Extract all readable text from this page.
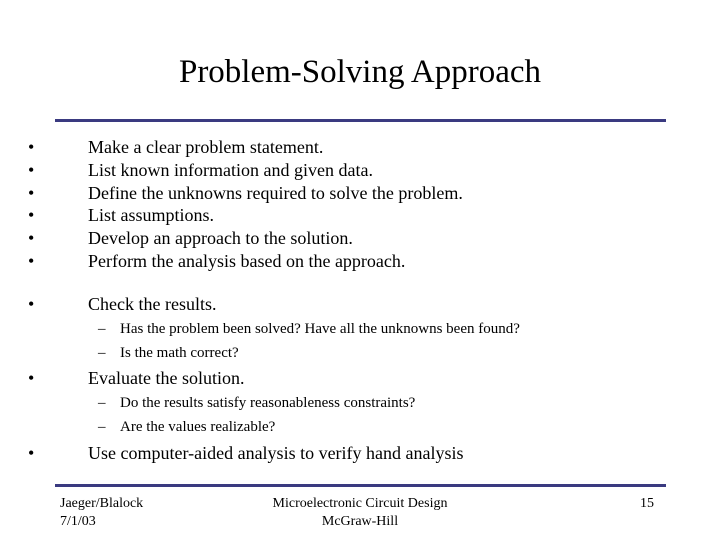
Problem-Solving Approach
•	Make a clear problem statement.
•	List known information and given data.
•	Define the unknowns required to solve the problem.
•	List assumptions.
•	Develop an approach to the solution.
•	Perform the analysis based on the approach.
•	Check the results.
– Has the problem been solved? Have all the unknowns been found?
– Is the math correct?
•	Evaluate the solution.
– Do the results satisfy reasonableness constraints?
– Are the values realizable?
•	Use computer-aided analysis to verify hand analysis
Jaeger/Blalock
7/1/03
Microelectronic Circuit Design
McGraw-Hill
15
